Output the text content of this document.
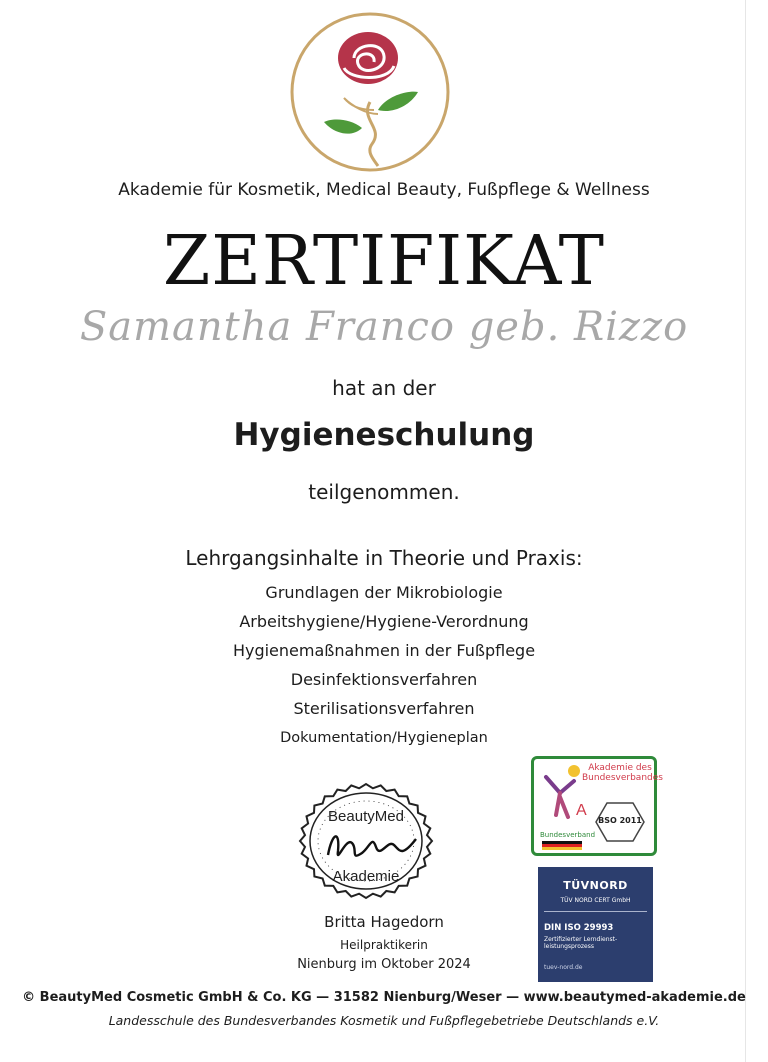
Akademie für Kosmetik, Medical Beauty, Fußpflege & Wellness
ZERTIFIKAT
Samantha Franco geb. Rizzo
hat an der
Hygieneschulung
teilgenommen.
Lehrgangsinhalte in Theorie und Praxis:
Grundlagen der Mikrobiologie
Arbeitshygiene/Hygiene-Verordnung
Hygienemaßnahmen in der Fußpflege
Desinfektionsverfahren
Sterilisationsverfahren
Dokumentation/Hygieneplan
BeautyMed
Akademie
Britta Hagedorn
Heilpraktikerin
Nienburg im Oktober 2024
A
Akademie des
Bundesverbandes
BSO 2011
Bundesverband
TÜVNORD
TÜV NORD CERT GmbH
DIN ISO 29993
Zertifizierter Lerndienst-
leistungsprozess
tuev-nord.de
© BeautyMed Cosmetic GmbH & Co. KG — 31582 Nienburg/Weser — www.beautymed-akademie.de
Landesschule des Bundesverbandes Kosmetik und Fußpflegebetriebe Deutschlands e.V.
